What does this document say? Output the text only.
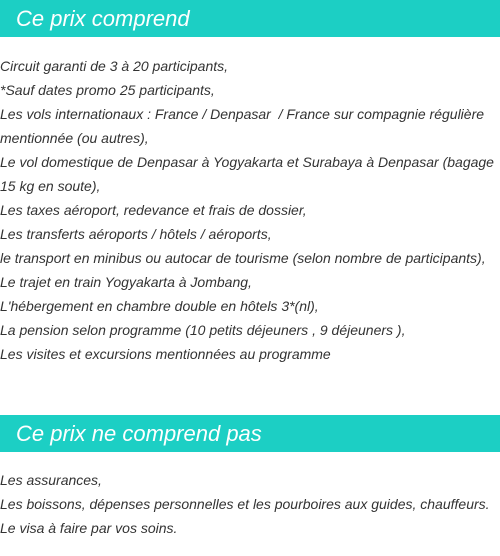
Ce prix comprend
Circuit garanti de 3 à 20 participants,
*Sauf dates promo 25 participants,
Les vols internationaux : France / Denpasar  / France sur compagnie régulière
mentionnée (ou autres),
Le vol domestique de Denpasar à Yogyakarta et Surabaya à Denpasar (bagage
15 kg en soute),
Les taxes aéroport, redevance et frais de dossier,
Les transferts aéroports / hôtels / aéroports,
le transport en minibus ou autocar de tourisme (selon nombre de participants),
Le trajet en train Yogyakarta à Jombang,
L'hébergement en chambre double en hôtels 3*(nl),
La pension selon programme (10 petits déjeuners , 9 déjeuners ),
Les visites et excursions mentionnées au programme
Ce prix ne comprend pas
Les assurances,
Les boissons, dépenses personnelles et les pourboires aux guides, chauffeurs.
Le visa à faire par vos soins.
